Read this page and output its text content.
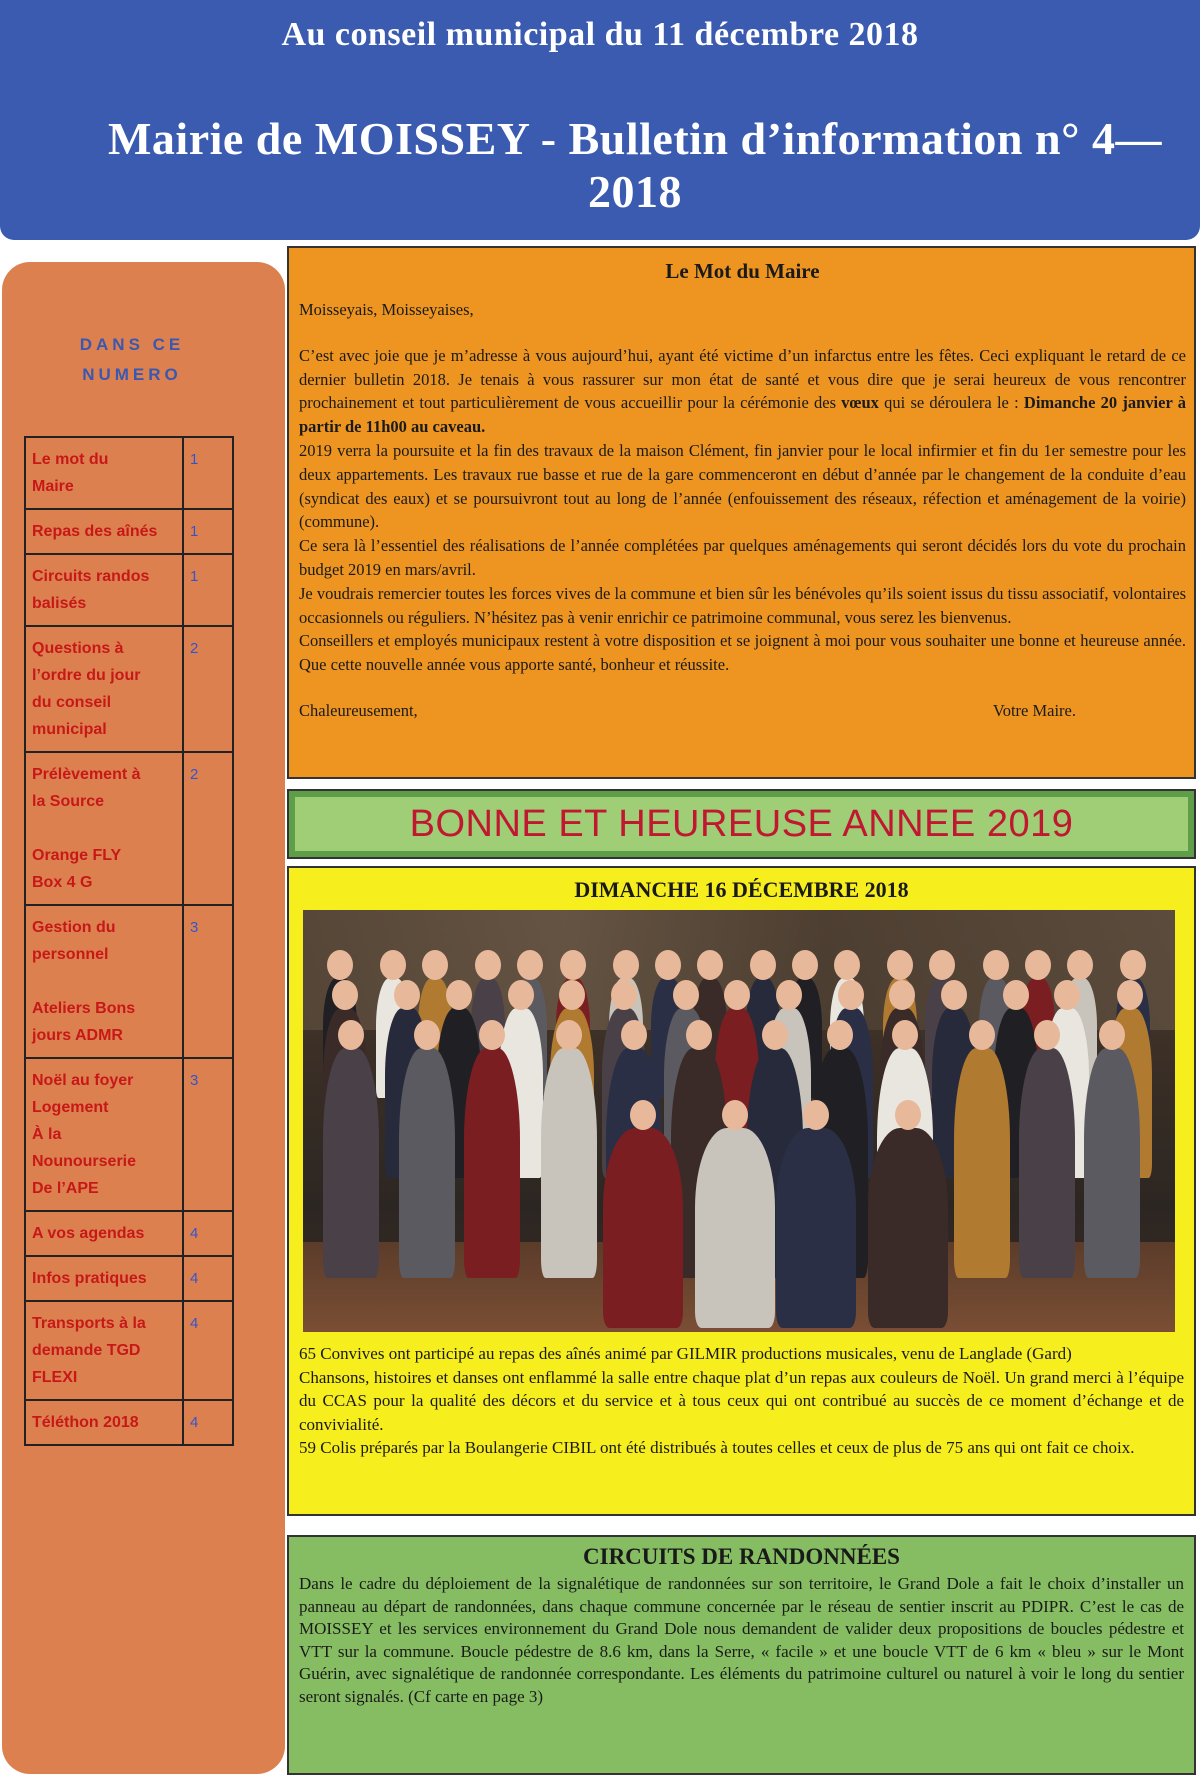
Au conseil municipal du 11 décembre 2018
Mairie de MOISSEY - Bulletin d’information n° 4—2018
DANS CE
NUMERO
Le mot du
Maire
1
Repas des aînés	1
Circuits randos
balisés
1
Questions à
l’ordre du jour
du conseil
municipal
2
Prélèvement à
la Source
Orange FLY
Box 4 G
2
Gestion du
personnel
Ateliers Bons
jours ADMR
3
Noël au foyer
Logement
À la
Nounourserie
De l’APE
3
A vos agendas	4
Infos pratiques	4
Transports à la
demande TGD
FLEXI
4
Téléthon 2018	4
Le Mot du Maire

Moisseyais, Moisseyaises,

C’est avec joie que je m’adresse à vous aujourd’hui, ayant été victime d’un infarctus entre les fêtes. Ceci expliquant le retard de ce dernier bulletin 2018. Je tenais à vous rassurer sur mon état de santé et vous dire que je serai heureux de vous rencontrer prochainement et tout particulièrement de vous accueillir pour la cérémonie des vœux qui se déroulera le : Dimanche 20 janvier à partir de 11h00 au caveau.

2019 verra la poursuite et la fin des travaux de la maison Clément, fin janvier pour le local infirmier et fin du 1er semestre pour les deux appartements. Les travaux rue basse et rue de la gare commenceront en début d’année par le changement de la conduite d’eau (syndicat des eaux) et se poursuivront tout au long de l’année (enfouissement des réseaux, réfection et aménagement de la voirie) (commune).

Ce sera là l’essentiel des réalisations de l’année complétées par quelques aménagements qui seront décidés lors du vote du prochain budget 2019 en mars/avril.

Je voudrais remercier toutes les forces vives de la commune et bien sûr les bénévoles qu’ils soient issus du tissu associatif, volontaires occasionnels ou réguliers. N’hésitez pas à venir enrichir ce patrimoine communal, vous serez les bienvenus.

Conseillers et employés municipaux restent à votre disposition et se joignent à moi pour vous souhaiter une bonne et heureuse année. Que cette nouvelle année vous apporte santé, bonheur et réussite.

Chaleureusement,	Votre Maire.
BONNE ET HEUREUSE ANNEE 2019
DIMANCHE 16 DÉCEMBRE 2018

65 Convives ont participé au repas des aînés animé par GILMIR productions musicales, venu de Langlade (Gard)

Chansons, histoires et danses ont enflammé la salle entre chaque plat d’un repas aux couleurs de Noël. Un grand merci à l’équipe du CCAS pour la qualité des décors et du service et à tous ceux qui ont contribué au succès de ce moment d’échange et de convivialité.

59 Colis préparés par la Boulangerie CIBIL ont été distribués à toutes celles et ceux de plus de 75 ans qui ont fait ce choix.

CIRCUITS DE RANDONNÉES

Dans le cadre du déploiement de la signalétique de randonnées sur son territoire, le Grand Dole a fait le choix d’installer un panneau au départ de randonnées, dans chaque commune concernée par le réseau de sentier inscrit au PDIPR. C’est le cas de MOISSEY et les services environnement du Grand Dole nous demandent de valider deux propositions de boucles pédestre et VTT sur la commune. Boucle pédestre de 8.6 km, dans la Serre, « facile » et une boucle VTT de 6 km « bleu » sur le Mont Guérin, avec signalétique de randonnée correspondante. Les éléments du patrimoine culturel ou naturel à voir le long du sentier seront signalés. (Cf carte en page 3)
